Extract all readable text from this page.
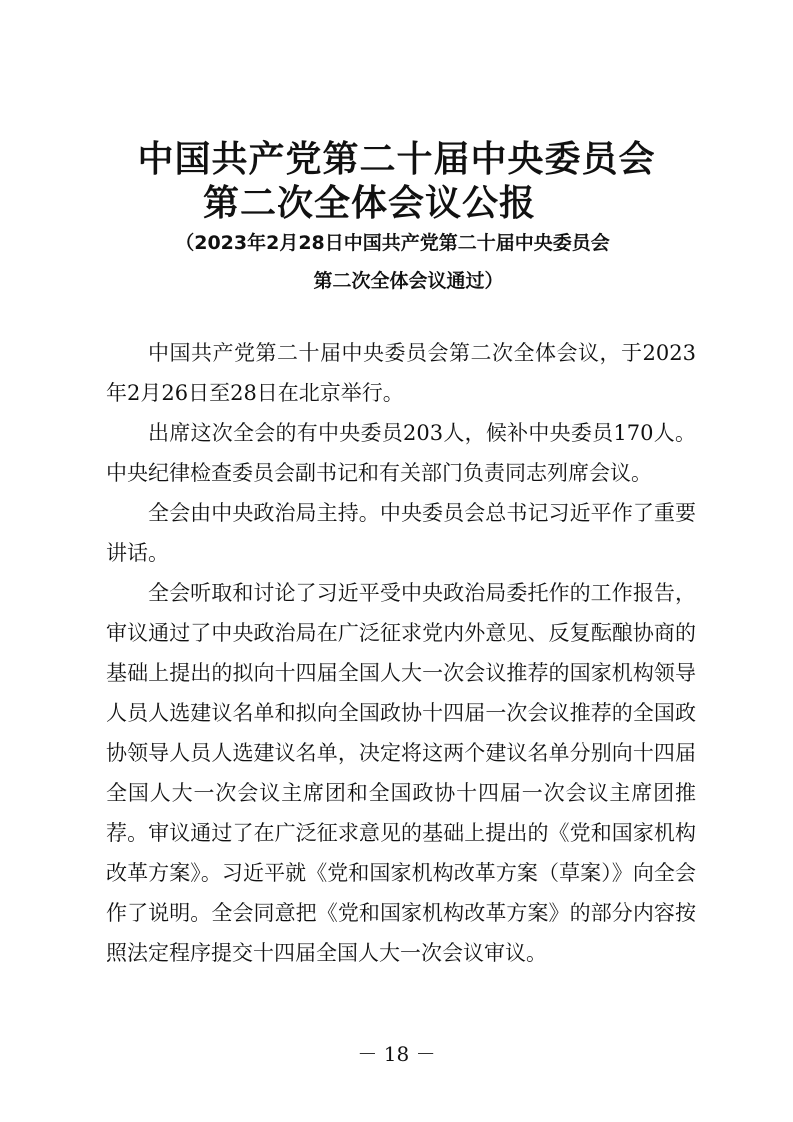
中国共产党第二十届中央委员会
第二次全体会议公报
（2023年2月28日中国共产党第二十届中央委员会
第二次全体会议通过）

中国共产党第二十届中央委员会第二次全体会议，于2023年2月26日至28日在北京举行。

出席这次全会的有中央委员203人，候补中央委员170人。中央纪律检查委员会副书记和有关部门负责同志列席会议。

全会由中央政治局主持。中央委员会总书记习近平作了重要讲话。

全会听取和讨论了习近平受中央政治局委托作的工作报告，审议通过了中央政治局在广泛征求党内外意见、反复酝酿协商的基础上提出的拟向十四届全国人大一次会议推荐的国家机构领导人员人选建议名单和拟向全国政协十四届一次会议推荐的全国政协领导人员人选建议名单，决定将这两个建议名单分别向十四届全国人大一次会议主席团和全国政协十四届一次会议主席团推荐。审议通过了在广泛征求意见的基础上提出的《党和国家机构改革方案》。习近平就《党和国家机构改革方案（草案）》向全会作了说明。全会同意把《党和国家机构改革方案》的部分内容按照法定程序提交十四届全国人大一次会议审议。

－ 18 －
